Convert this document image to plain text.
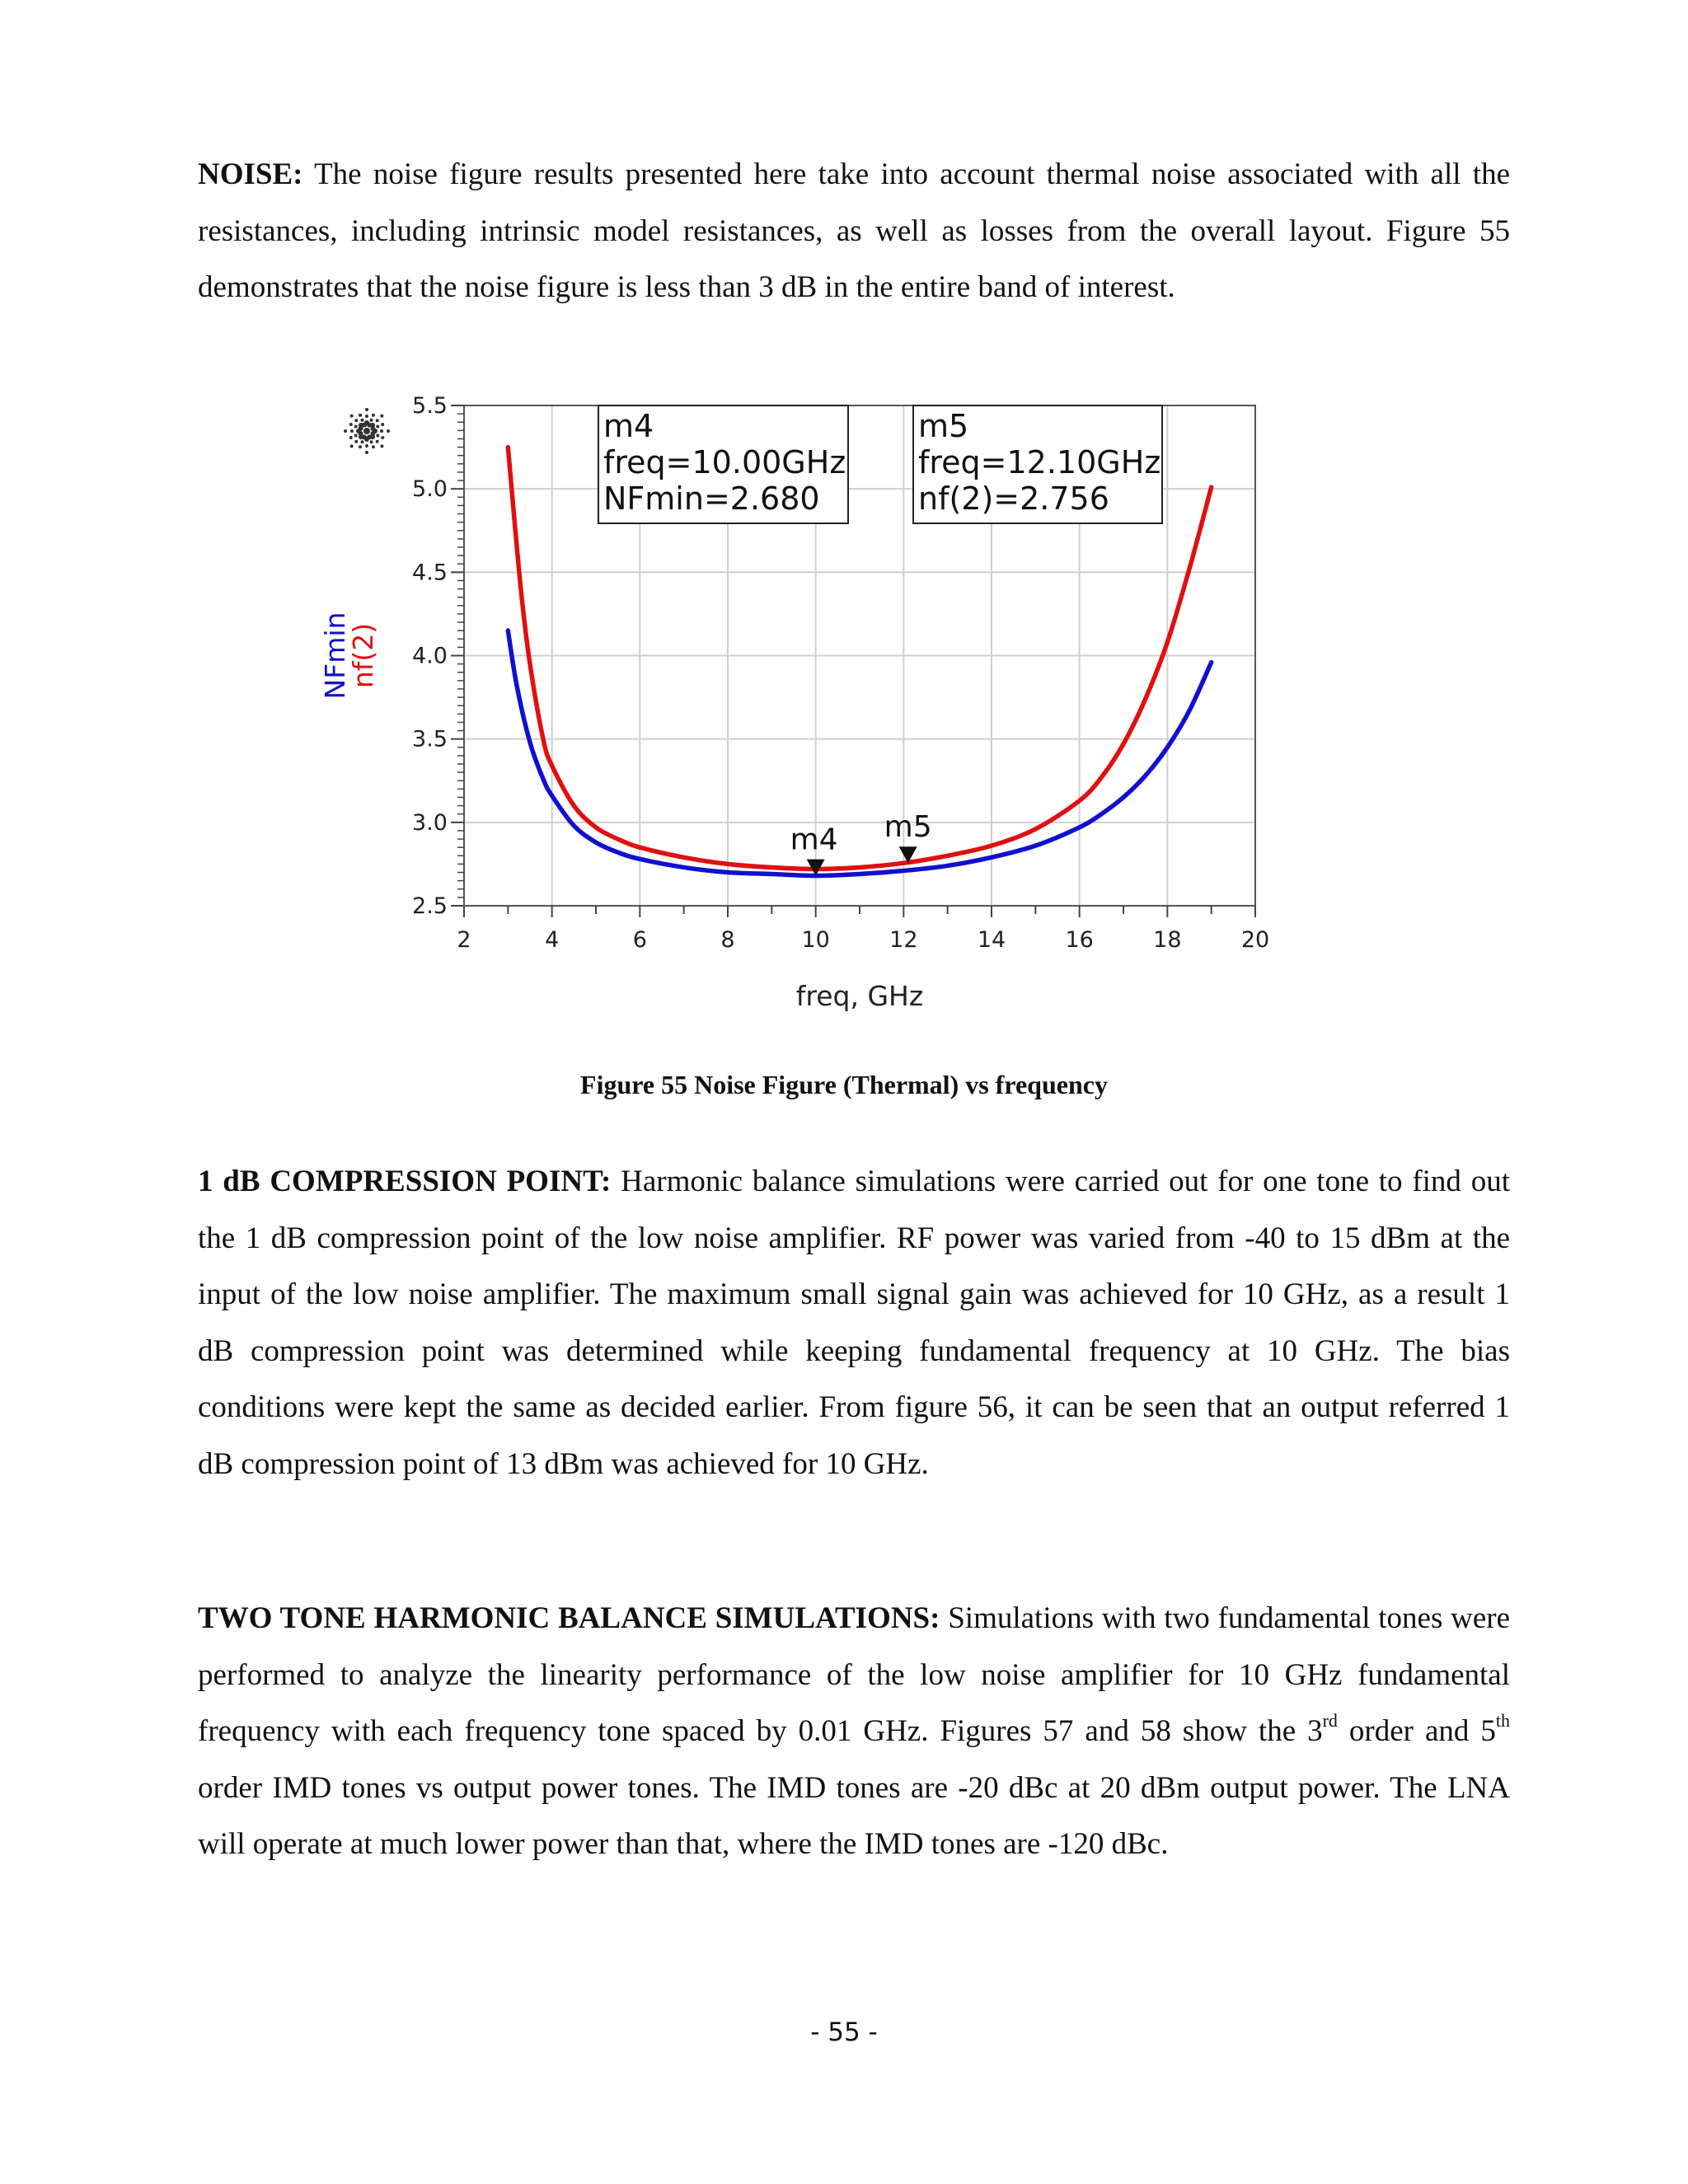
NOISE: The noise figure results presented here take into account thermal noise associated with all the resistances, including intrinsic model resistances, as well as losses from the overall layout. Figure 55 demonstrates that the noise figure is less than 3 dB in the entire band of interest.

2	4	6	8	10	12	14	16	18	20
2.5
3.0
3.5
4.0
4.5
5.0
5.5
m4
m4
freq=10.00GHz
NFmin=2.680
m5
m5
freq=12.10GHz
nf(2)=2.756
freq, GHz
NFmin
nf(2)
Figure 55 Noise Figure (Thermal) vs frequency

1 dB COMPRESSION POINT: Harmonic balance simulations were carried out for one tone to find out the 1 dB compression point of the low noise amplifier. RF power was varied from -40 to 15 dBm at the input of the low noise amplifier. The maximum small signal gain was achieved for 10 GHz, as a result 1 dB compression point was determined while keeping fundamental frequency at 10 GHz. The bias conditions were kept the same as decided earlier. From figure 56, it can be seen that an output referred 1 dB compression point of 13 dBm was achieved for 10 GHz.

TWO TONE HARMONIC BALANCE SIMULATIONS: Simulations with two fundamental tones were performed to analyze the linearity performance of the low noise amplifier for 10 GHz fundamental frequency with each frequency tone spaced by 0.01 GHz. Figures 57 and 58 show the 3rd order and 5th order IMD tones vs output power tones. The IMD tones are -20 dBc at 20 dBm output power. The LNA will operate at much lower power than that, where the IMD tones are -120 dBc.

- 55 -
